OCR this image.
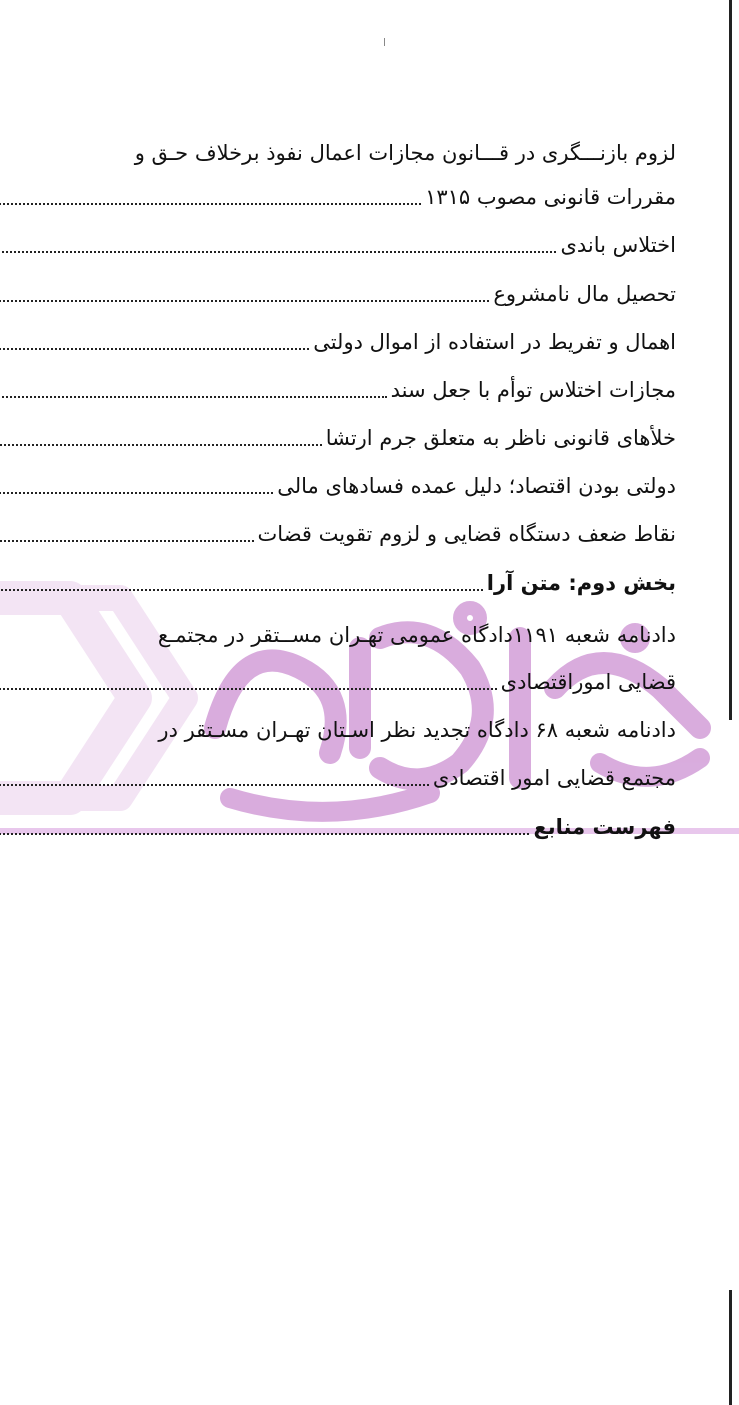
لزوم بازنـــگری در قـــانون مجازات اعمال نفوذ برخلاف حـق و
مقررات قانونی مصوب ۱۳۱۵
اختلاس باندی
تحصیل مال نامشروع
اهمال و تفریط در استفاده از اموال دولتی
مجازات اختلاس توأم با جعل سند
خلأهای قانونی ناظر به متعلق جرم ارتشا
دولتی بودن اقتصاد؛ دلیل عمده فسادهای مالی
نقاط ضعف دستگاه قضایی و لزوم تقویت قضات
بخش دوم: متن آرا
دادنامه شعبه ۱۱۹۱دادگاه عمومی تهـران مســتقر در مجتمـع
قضایی اموراقتصادی
دادنامه شعبه ۶۸ دادگاه تجدید نظر اسـتان تهـران مسـتقر در
مجتمع قضایی امور اقتصادی
فهرست منابع
